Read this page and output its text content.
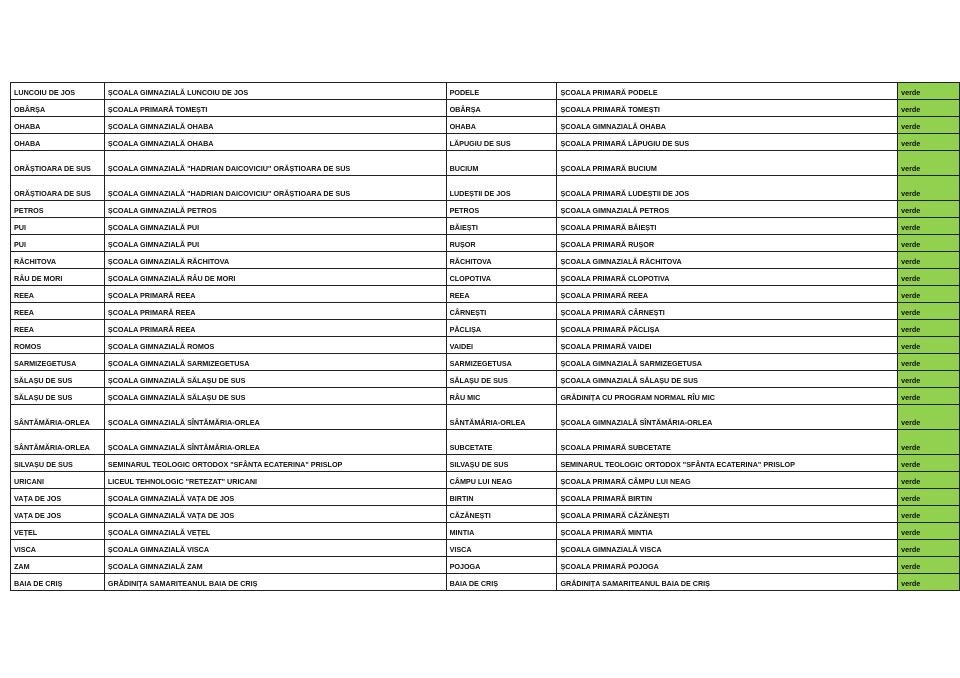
LUNCOIU DE JOS	ȘCOALA GIMNAZIALĂ LUNCOIU DE JOS	PODELE	ȘCOALA PRIMARĂ PODELE	verde
OBÂRȘA	ȘCOALA PRIMARĂ TOMEȘTI	OBÂRȘA	ȘCOALA PRIMARĂ TOMEȘTI	verde
OHABA	ȘCOALA GIMNAZIALĂ OHABA	OHABA	ȘCOALA GIMNAZIALĂ OHABA	verde
OHABA	ȘCOALA GIMNAZIALĂ OHABA	LĂPUGIU DE SUS	ȘCOALA PRIMARĂ LĂPUGIU DE SUS	verde
ORĂȘTIOARA DE SUS	ȘCOALA GIMNAZIALĂ "HADRIAN DAICOVICIU" ORĂȘTIOARA DE SUS	BUCIUM	ȘCOALA PRIMARĂ BUCIUM	verde
ORĂȘTIOARA DE SUS	ȘCOALA GIMNAZIALĂ "HADRIAN DAICOVICIU" ORĂȘTIOARA DE SUS	LUDEȘTII DE JOS	ȘCOALA PRIMARĂ LUDEȘTII DE JOS	verde
PETROS	ȘCOALA GIMNAZIALĂ PETROS	PETROS	ȘCOALA GIMNAZIALĂ PETROS	verde
PUI	ȘCOALA GIMNAZIALĂ PUI	BĂIEȘTI	ȘCOALA PRIMARĂ BĂIEȘTI	verde
PUI	ȘCOALA GIMNAZIALĂ PUI	RUȘOR	ȘCOALA PRIMARĂ RUȘOR	verde
RĂCHITOVA	ȘCOALA GIMNAZIALĂ RĂCHITOVA	RĂCHITOVA	ȘCOALA GIMNAZIALĂ RĂCHITOVA	verde
RÂU DE MORI	ȘCOALA GIMNAZIALĂ RÂU DE MORI	CLOPOTIVA	ȘCOALA PRIMARĂ CLOPOTIVA	verde
REEA	ȘCOALA PRIMARĂ REEA	REEA	ȘCOALA PRIMARĂ REEA	verde
REEA	ȘCOALA PRIMARĂ REEA	CÂRNEȘTI	ȘCOALA PRIMARĂ CÂRNEȘTI	verde
REEA	ȘCOALA PRIMARĂ REEA	PĂCLIȘA	ȘCOALA PRIMARĂ PĂCLIȘA	verde
ROMOS	ȘCOALA GIMNAZIALĂ ROMOS	VAIDEI	ȘCOALA PRIMARĂ VAIDEI	verde
SARMIZEGETUSA	ȘCOALA GIMNAZIALĂ SARMIZEGETUSA	SARMIZEGETUSA	ȘCOALA GIMNAZIALĂ SARMIZEGETUSA	verde
SĂLAȘU DE SUS	ȘCOALA GIMNAZIALĂ SĂLAȘU DE SUS	SĂLAȘU DE SUS	ȘCOALA GIMNAZIALĂ SĂLAȘU DE SUS	verde
SĂLAȘU DE SUS	ȘCOALA GIMNAZIALĂ SĂLAȘU DE SUS	RÂU MIC	GRĂDINIȚA CU PROGRAM NORMAL RÎU MIC	verde
SÂNTĂMĂRIA-ORLEA	ȘCOALA GIMNAZIALĂ SÎNTĂMĂRIA-ORLEA	SÂNTĂMĂRIA-ORLEA	ȘCOALA GIMNAZIALĂ SÎNTĂMĂRIA-ORLEA	verde
SÂNTĂMĂRIA-ORLEA	ȘCOALA GIMNAZIALĂ SÎNTĂMĂRIA-ORLEA	SUBCETATE	ȘCOALA PRIMARĂ SUBCETATE	verde
SILVAȘU DE SUS	SEMINARUL TEOLOGIC ORTODOX "SFÂNTA ECATERINA" PRISLOP	SILVAȘU DE SUS	SEMINARUL TEOLOGIC ORTODOX "SFÂNTA ECATERINA" PRISLOP	verde
URICANI	LICEUL TEHNOLOGIC "RETEZAT" URICANI	CÂMPU LUI NEAG	ȘCOALA PRIMARĂ CÂMPU LUI NEAG	verde
VAȚA DE JOS	ȘCOALA GIMNAZIALĂ VAȚA DE JOS	BIRTIN	ȘCOALA PRIMARĂ BIRTIN	verde
VAȚA DE JOS	ȘCOALA GIMNAZIALĂ VAȚA DE JOS	CĂZĂNEȘTI	ȘCOALA PRIMARĂ CĂZĂNEȘTI	verde
VEȚEL	ȘCOALA GIMNAZIALĂ VEȚEL	MINTIA	ȘCOALA PRIMARĂ MINTIA	verde
VISCA	ȘCOALA GIMNAZIALĂ VISCA	VISCA	ȘCOALA GIMNAZIALĂ VISCA	verde
ZAM	ȘCOALA GIMNAZIALĂ ZAM	POJOGA	ȘCOALA PRIMARĂ POJOGA	verde
BAIA DE CRIȘ	GRĂDINIȚA SAMARITEANUL BAIA DE CRIȘ	BAIA DE CRIȘ	GRĂDINIȚA SAMARITEANUL BAIA DE CRIȘ	verde
